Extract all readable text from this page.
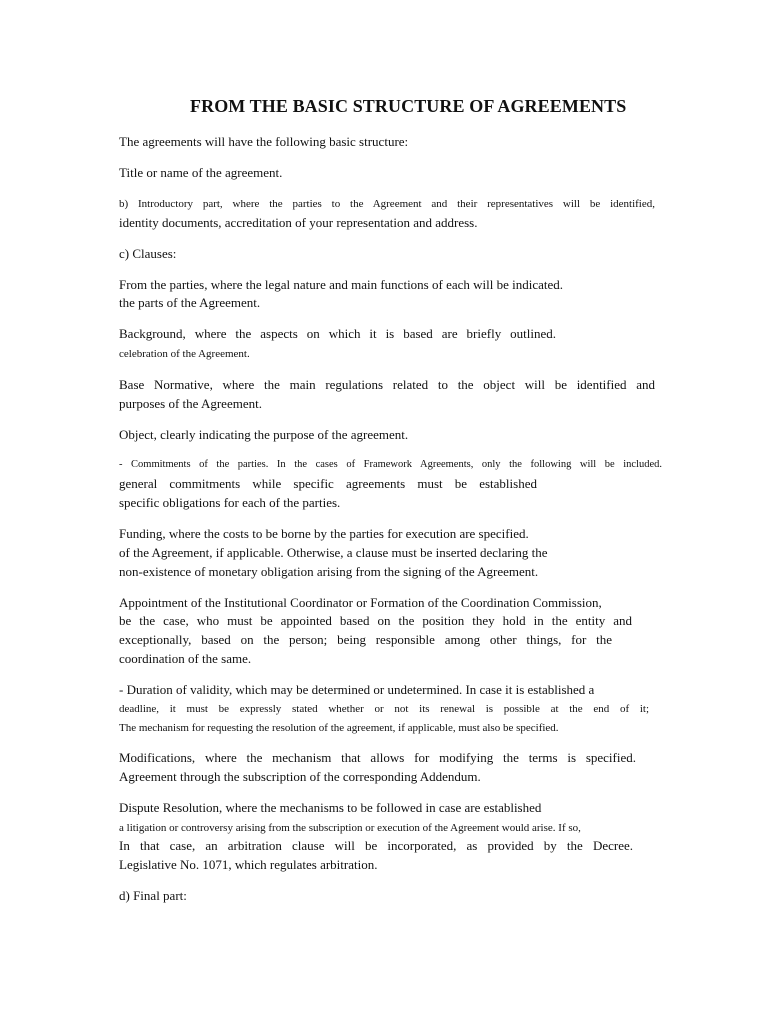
FROM THE BASIC STRUCTURE OF AGREEMENTS
The agreements will have the following basic structure:
Title or name of the agreement.
b) Introductory part, where the parties to the Agreement and their representatives will be identified,
identity documents, accreditation of your representation and address.
c) Clauses:
From the parties, where the legal nature and main functions of each will be indicated.
the parts of the Agreement.
Background, where the aspects on which it is based are briefly outlined.
celebration of the Agreement.
Base Normative, where the main regulations related to the object will be identified and
purposes of the Agreement.
Object, clearly indicating the purpose of the agreement.
- Commitments of the parties. In the cases of Framework Agreements, only the following will be included.
general commitments while specific agreements must be established
specific obligations for each of the parties.
Funding, where the costs to be borne by the parties for execution are specified.
of the Agreement, if applicable. Otherwise, a clause must be inserted declaring the
non-existence of monetary obligation arising from the signing of the Agreement.
Appointment of the Institutional Coordinator or Formation of the Coordination Commission,
be the case, who must be appointed based on the position they hold in the entity and
exceptionally, based on the person; being responsible among other things, for the
coordination of the same.
- Duration of validity, which may be determined or undetermined. In case it is established a
deadline, it must be expressly stated whether or not its renewal is possible at the end of it;
The mechanism for requesting the resolution of the agreement, if applicable, must also be specified.
Modifications, where the mechanism that allows for modifying the terms is specified.
Agreement through the subscription of the corresponding Addendum.
Dispute Resolution, where the mechanisms to be followed in case are established
a litigation or controversy arising from the subscription or execution of the Agreement would arise. If so,
In that case, an arbitration clause will be incorporated, as provided by the Decree.
Legislative No. 1071, which regulates arbitration.
d) Final part:
